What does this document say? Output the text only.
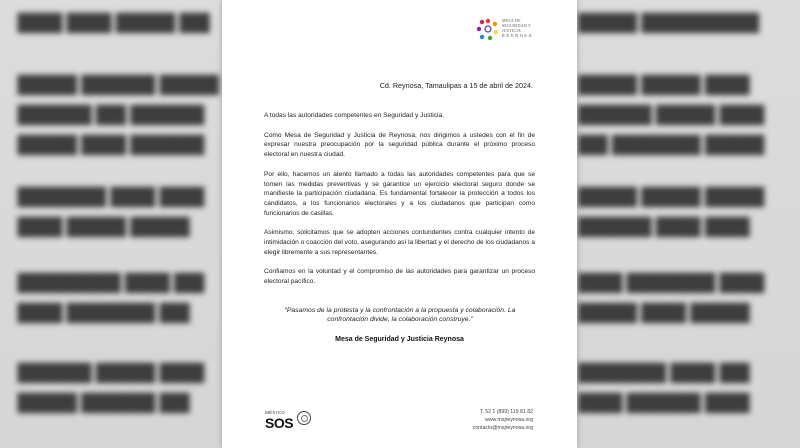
▇▇▇ ▇▇▇ ▇▇▇▇ ▇▇
▇▇▇▇ ▇▇▇▇▇ ▇▇▇▇
▇▇▇▇▇ ▇▇ ▇▇▇▇▇
▇▇▇▇ ▇▇▇ ▇▇▇▇▇
▇▇▇▇▇▇ ▇▇▇ ▇▇▇
▇▇▇ ▇▇▇▇ ▇▇▇▇
▇▇▇▇▇▇▇ ▇▇▇ ▇▇
▇▇▇ ▇▇▇▇▇▇ ▇▇
▇▇▇▇▇ ▇▇▇▇ ▇▇▇
▇▇▇▇ ▇▇▇▇▇ ▇▇
▇▇▇▇ ▇▇▇▇▇▇▇▇
▇▇▇▇ ▇▇▇▇ ▇▇▇
▇▇▇▇▇ ▇▇▇▇ ▇▇▇
▇▇ ▇▇▇▇▇▇ ▇▇▇▇
▇▇▇▇ ▇▇▇▇ ▇▇▇▇
▇▇▇▇▇ ▇▇▇ ▇▇▇
▇▇▇ ▇▇▇▇▇▇ ▇▇▇
▇▇▇▇ ▇▇▇ ▇▇▇▇
▇▇▇▇▇▇ ▇▇▇ ▇▇
▇▇▇ ▇▇▇▇▇ ▇▇▇
MESA DE SEGURIDAD Y JUSTICIA
REYNOSA
Cd. Reynosa, Tamaulipas a 15 de abril de 2024.

A todas las autoridades competentes en Seguridad y Justicia,

Como Mesa de Seguridad y Justicia de Reynosa, nos dirigimos a ustedes con el fin de expresar nuestra preocupación por la seguridad pública durante el próximo proceso electoral en nuestra ciudad.

Por ello, hacemos un atento llamado a todas las autoridades competentes para que se tomen las medidas preventivas y se garantice un ejercicio electoral seguro donde se manifieste la participación ciudadana. Es fundamental fortalecer la protección a todos los candidatos, a los funcionarios electorales y a los ciudadanos que participan como funcionarios de casillas.

Asimismo, solicitamos que se adopten acciones contundentes contra cualquier intento de intimidación o coacción del voto, asegurando así la libertad y el derecho de los ciudadanos a elegir libremente a sus representantes.

Confiamos en la voluntad y el compromiso de las autoridades para garantizar un proceso electoral pacífico.

“Pasamos de la protesta y la confrontación a la propuesta y colaboración. La confrontación divide, la colaboración construye.”
Mesa de Seguridad y Justicia Reynosa
MÉXICO
SOS
T. 52 1 (899) 119 81 82
www.msjreynosa.org
contacto@msjreynosa.org
